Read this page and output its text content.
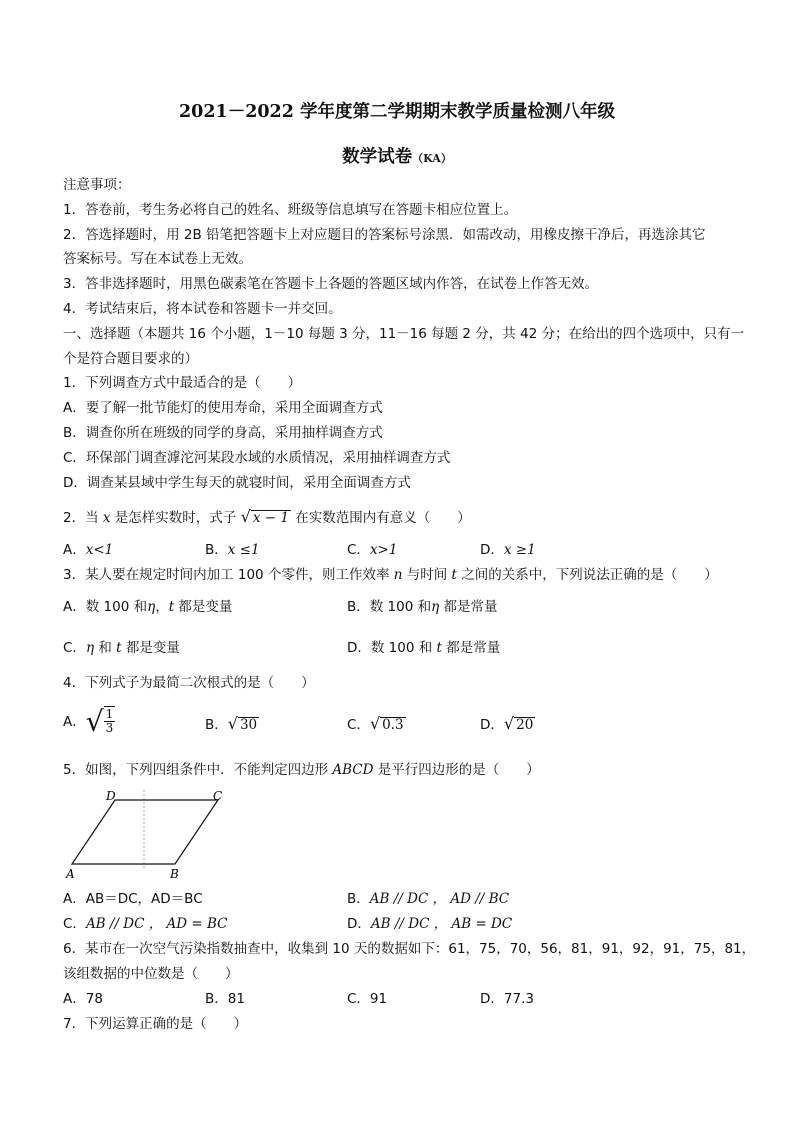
2021－2022 学年度第二学期期末教学质量检测八年级
数学试卷（KA）
注意事项：
1．答卷前，考生务必将自己的姓名、班级等信息填写在答题卡相应位置上。
2．答选择题时，用 2B 铅笔把答题卡上对应题目的答案标号涂黑．如需改动，用橡皮擦干净后，再选涂其它
答案标号。写在本试卷上无效。
3．答非选择题时，用黑色碳素笔在答题卡上各题的答题区域内作答，在试卷上作答无效。
4．考试结束后，将本试卷和答题卡一并交回。
一、选择题（本题共 16 个小题，1－10 每题 3 分，11－16 每题 2 分，共 42 分；在给出的四个选项中，只有一
个是符合题目要求的）
1．下列调查方式中最适合的是（　　）
A．要了解一批节能灯的使用寿命，采用全面调查方式
B．调查你所在班级的同学的身高，采用抽样调查方式
C．环保部门调查滹沱河某段水域的水质情况，采用抽样调查方式
D．调查某县域中学生每天的就寝时间，采用全面调查方式
2．当 x 是怎样实数时，式子 √ x − 1 在实数范围内有意义（　　）
A．x<1	B．x ≤1	C．x>1	D．x ≥1
3．某人要在规定时间内加工 100 个零件，则工作效率 n 与时间 t 之间的关系中，下列说法正确的是（　　）
A．数 100 和η，t 都是变量	B．数 100 和η 都是常量
C．η 和 t 都是变量	D．数 100 和 t 都是常量
4．下列式子为最简二次根式的是（　　）
A． √ $\frac{1}{3}$	B． √ 30	C． √ 0.3	D． √ 20
5．如图，下列四组条件中．不能判定四边形 ABCD 是平行四边形的是（　　）
D	C
A	B
A．AB＝DC，AD＝BC	B．AB // DC ， AD // BC
C．AB // DC ， AD = BC	D．AB // DC ， AB = DC
6．某市在一次空气污染指数抽查中，收集到 10 天的数据如下：61，75，70，56，81，91，92，91，75，81，
该组数据的中位数是（　　）
A．78	B．81	C．91	D．77.3
7．下列运算正确的是（　　）
